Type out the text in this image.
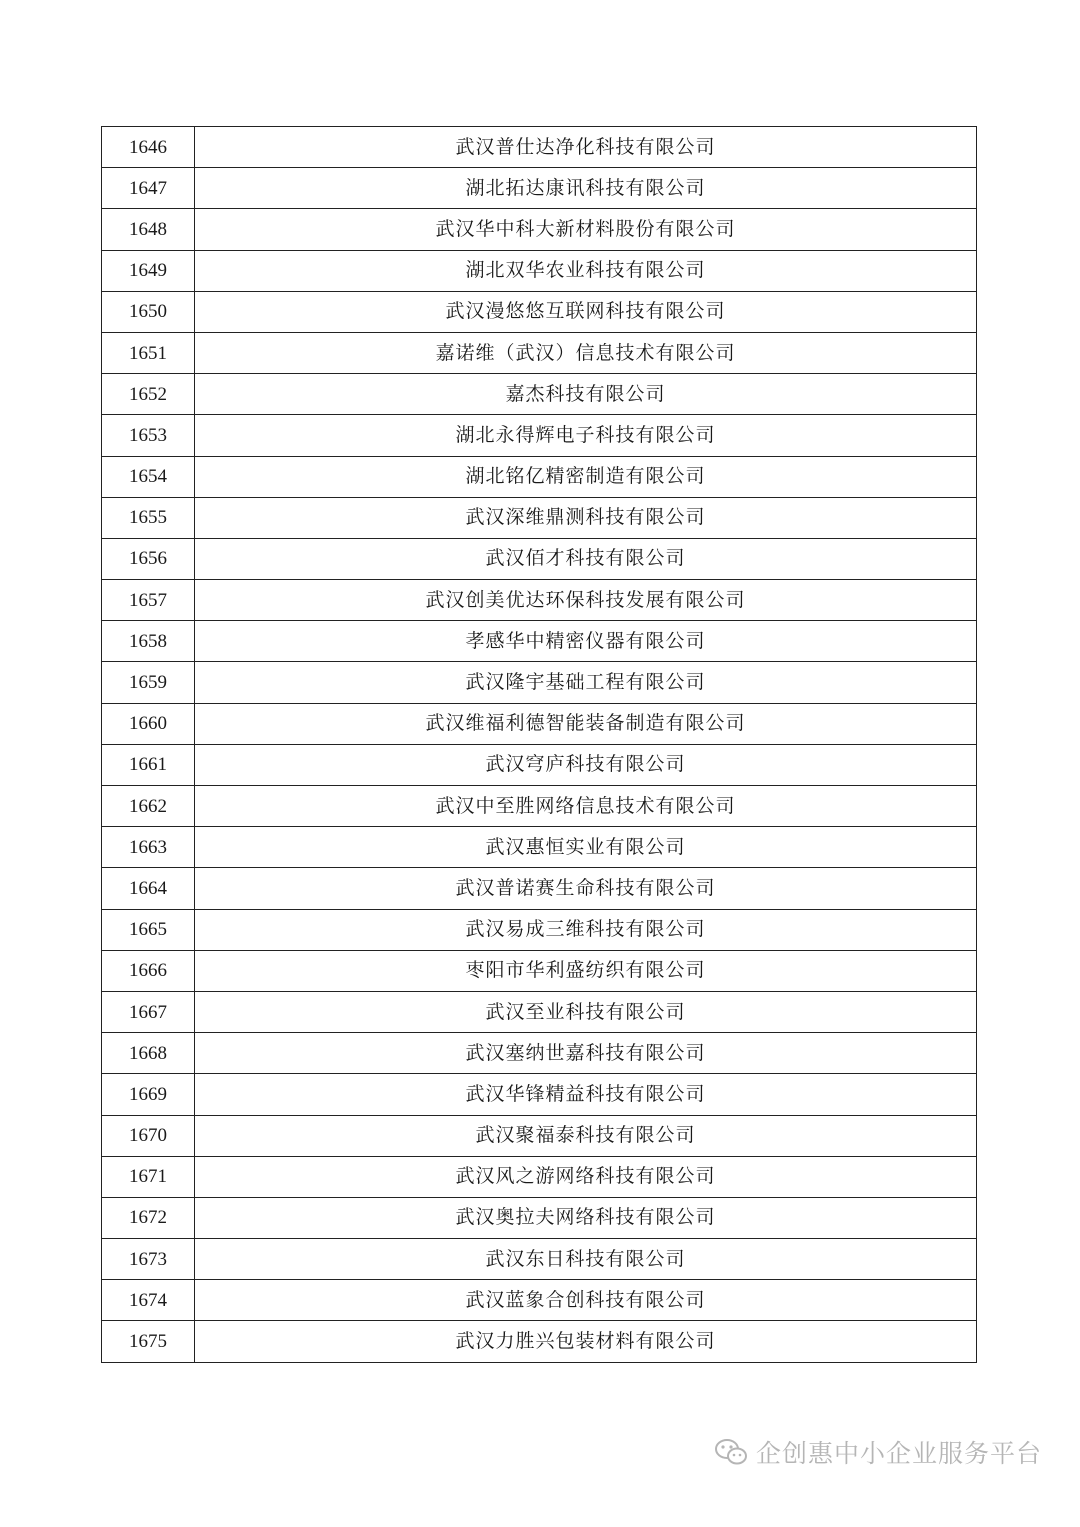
1646	武汉普仕达净化科技有限公司
1647	湖北拓达康讯科技有限公司
1648	武汉华中科大新材料股份有限公司
1649	湖北双华农业科技有限公司
1650	武汉漫悠悠互联网科技有限公司
1651	嘉诺维（武汉）信息技术有限公司
1652	嘉杰科技有限公司
1653	湖北永得辉电子科技有限公司
1654	湖北铭亿精密制造有限公司
1655	武汉深维鼎测科技有限公司
1656	武汉佰才科技有限公司
1657	武汉创美优达环保科技发展有限公司
1658	孝感华中精密仪器有限公司
1659	武汉隆宇基础工程有限公司
1660	武汉维福利德智能装备制造有限公司
1661	武汉穹庐科技有限公司
1662	武汉中至胜网络信息技术有限公司
1663	武汉惠恒实业有限公司
1664	武汉普诺赛生命科技有限公司
1665	武汉易成三维科技有限公司
1666	枣阳市华利盛纺织有限公司
1667	武汉至业科技有限公司
1668	武汉塞纳世嘉科技有限公司
1669	武汉华锋精益科技有限公司
1670	武汉聚福泰科技有限公司
1671	武汉风之游网络科技有限公司
1672	武汉奥拉夫网络科技有限公司
1673	武汉东日科技有限公司
1674	武汉蓝象合创科技有限公司
1675	武汉力胜兴包装材料有限公司
企创惠中小企业服务平台
